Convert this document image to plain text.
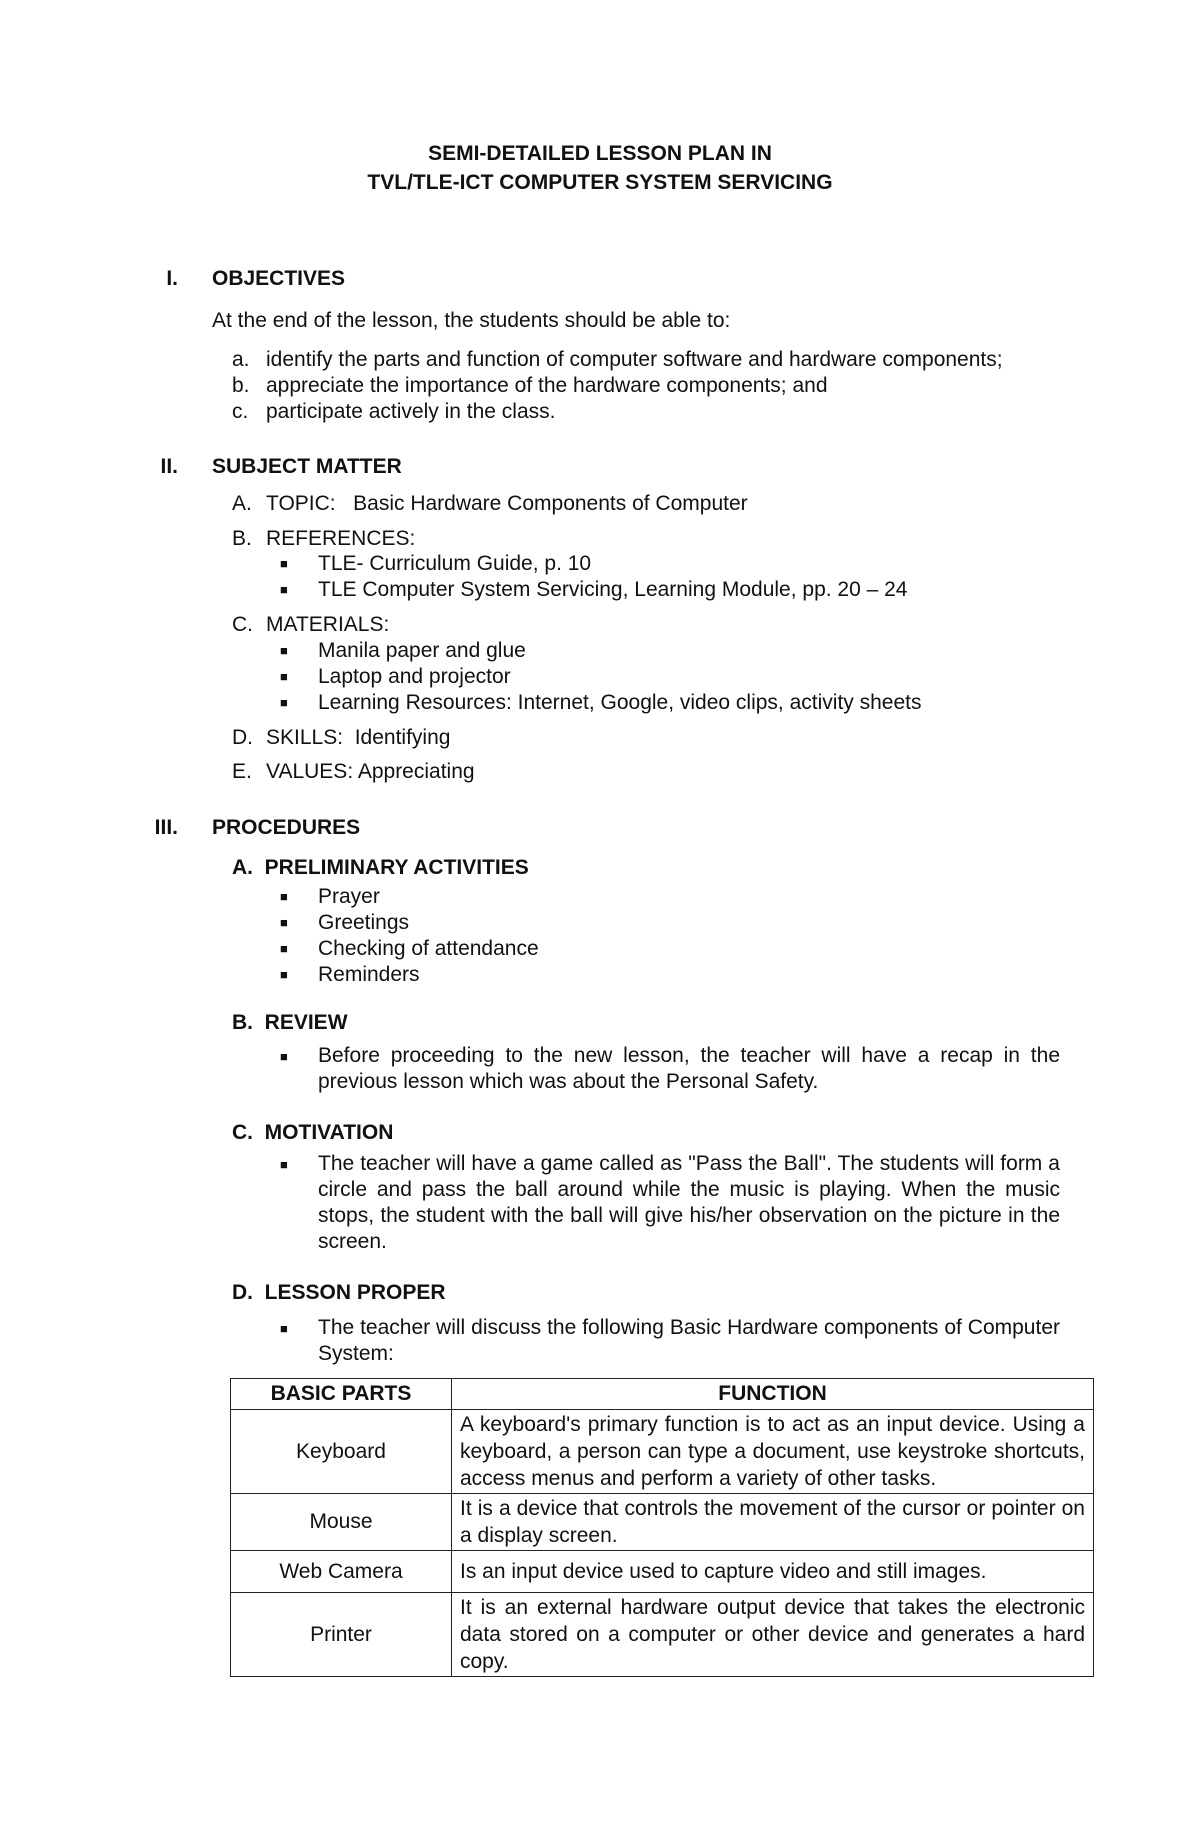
SEMI-DETAILED LESSON PLAN IN
TVL/TLE-ICT COMPUTER SYSTEM SERVICING
I. OBJECTIVES
At the end of the lesson, the students should be able to:
a. identify the parts and function of computer software and hardware components;
b. appreciate the importance of the hardware components; and
c. participate actively in the class.
II. SUBJECT MATTER
A. TOPIC:   Basic Hardware Components of Computer
B. REFERENCES:
■ TLE- Curriculum Guide, p. 10
■ TLE Computer System Servicing, Learning Module, pp. 20 – 24
C. MATERIALS:
■ Manila paper and glue
■ Laptop and projector
■ Learning Resources: Internet, Google, video clips, activity sheets
D. SKILLS:  Identifying
E. VALUES: Appreciating
III. PROCEDURES
A.  PRELIMINARY ACTIVITIES
■ Prayer
■ Greetings
■ Checking of attendance
■ Reminders
B.  REVIEW
■ Before proceeding to the new lesson, the teacher will have a recap in the previous lesson which was about the Personal Safety.
C.  MOTIVATION
■ The teacher will have a game called as "Pass the Ball". The students will form a circle and pass the ball around while the music is playing. When the music stops, the student with the ball will give his/her observation on the picture in the screen.
D.  LESSON PROPER
■ The teacher will discuss the following Basic Hardware components of Computer System:
BASIC PARTS	FUNCTION
Keyboard	A keyboard's primary function is to act as an input device. Using a keyboard, a person can type a document, use keystroke shortcuts, access menus and perform a variety of other tasks.
Mouse	It is a device that controls the movement of the cursor or pointer on a display screen.
Web Camera	Is an input device used to capture video and still images.
Printer	It is an external hardware output device that takes the electronic data stored on a computer or other device and generates a hard copy.
